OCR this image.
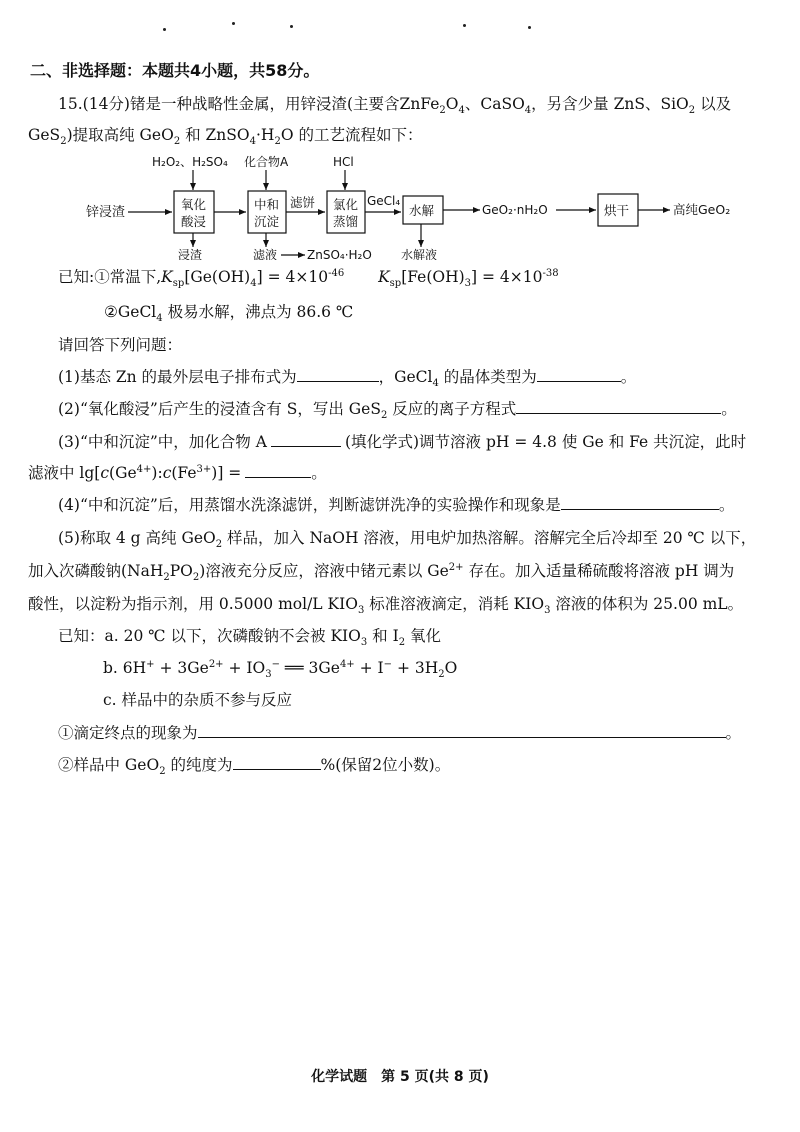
二、非选择题：本题共4小题，共58分。
15.(14分)锗是一种战略性金属，用锌浸渣(主要含$ZnFe_2O_4$、CaSO$_4$，另含少量 ZnS、SiO$_2$ 以及
GeS$_2$)提取高纯 GeO$_2$ 和 $ZnSO_4\cdot H_2O$ 的工艺流程如下：
H₂O₂、H₂SO₄ 化合物A	HCl
锌浸渣
氧化
酸浸
中和
沉淀
滤饼 氯化
蒸馏
GeCl₄
水解	GeO₂·nH₂O	烘干	高纯GeO₂
浸渣	滤液 ZnSO₄·H₂O 水解液
已知:①常温下$,K_{sp}[Ge(OH)_4] = 4\times 10^{-46}$ $K_{sp}[Fe(OH)_3] = 4\times 10^{-38}$
②GeCl$_4$ 极易水解，沸点为 86.6 ℃
请回答下列问题：
(1)基态 Zn 的最外层电子排布式为	，GeCl$_4$ 的晶体类型为	。
(2)“氧化酸浸”后产生的浸渣含有 S，写出 GeS$_2$ 反应的离子方程式	。
(3)“中和沉淀”中，加化合物 A	(填化学式)调节溶液 pH = 4.8 使 Ge 和 Fe 共沉淀，此时
滤液中 $\lg[c(Ge^{4+}):c(Fe^{3+})]$ =	。
(4)“中和沉淀”后，用蒸馏水洗涤滤饼，判断滤饼洗净的实验操作和现象是	。
(5)称取 4 g 高纯 GeO$_2$ 样品，加入 NaOH 溶液，用电炉加热溶解。溶解完全后冷却至 20 ℃ 以下，
加入次磷酸钠$(NaH_2PO_2)$溶液充分反应，溶液中锗元素以 $Ge^{2+}$ 存在。加入适量稀硫酸将溶液 pH 调为
酸性，以淀粉为指示剂，用 0.5000 mol/L $KIO_3$ 标准溶液滴定，消耗 $KIO_3$ 溶液的体积为 25.00 mL。
已知：a. 20 ℃ 以下，次磷酸钠不会被 $KIO_3$ 和 $I_2$ 氧化
b. $6H^+ + 3Ge^{2+} + IO_3^-$ ══ $3Ge^{4+} + I^- + 3H_2O$
c. 样品中的杂质不参与反应
①滴定终点的现象为	。
②样品中 GeO$_2$ 的纯度为	%(保留2位小数)。
化学试题　第 5 页(共 8 页)
